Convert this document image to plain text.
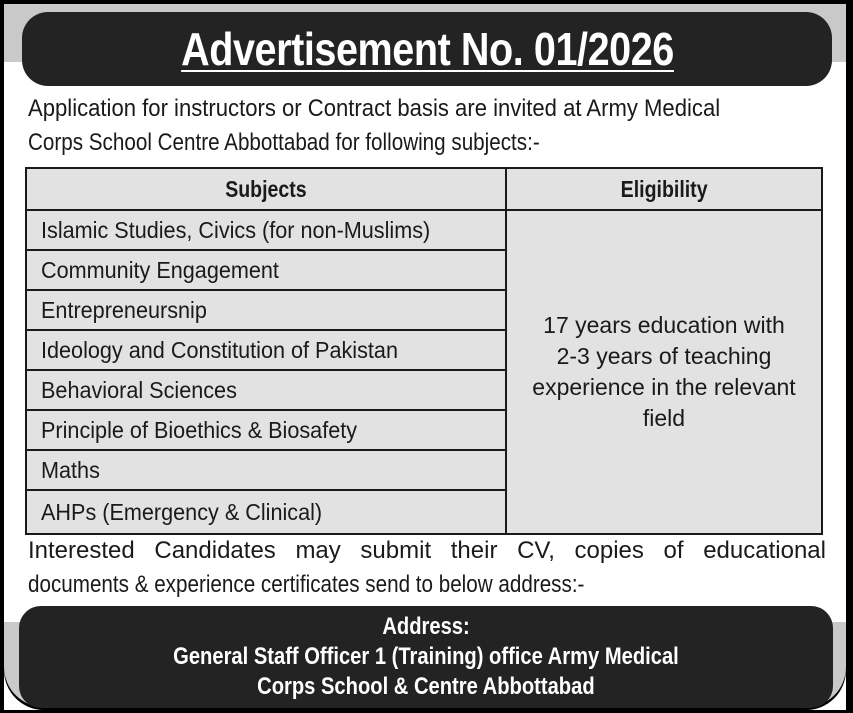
Advertisement No. 01/2026
Application for instructors or Contract basis are invited at Army Medical
Corps School Centre Abbottabad for following subjects:-
Subjects	Eligibility
Islamic Studies, Civics (for non-Muslims)	17 years education with
2-3 years of teaching
experience in the relevant
field

Community Engagement	
Entrepreneursnip	
Ideology and Constitution of Pakistan	
Behavioral Sciences	
Principle of Bioethics & Biosafety	
Maths	
AHPs (Emergency & Clinical)	
Interested Candidates may submit their CV, copies of educational
documents & experience certificates send to below address:-
Address:
General Staff Officer 1 (Training) office Army Medical
Corps School & Centre Abbottabad
